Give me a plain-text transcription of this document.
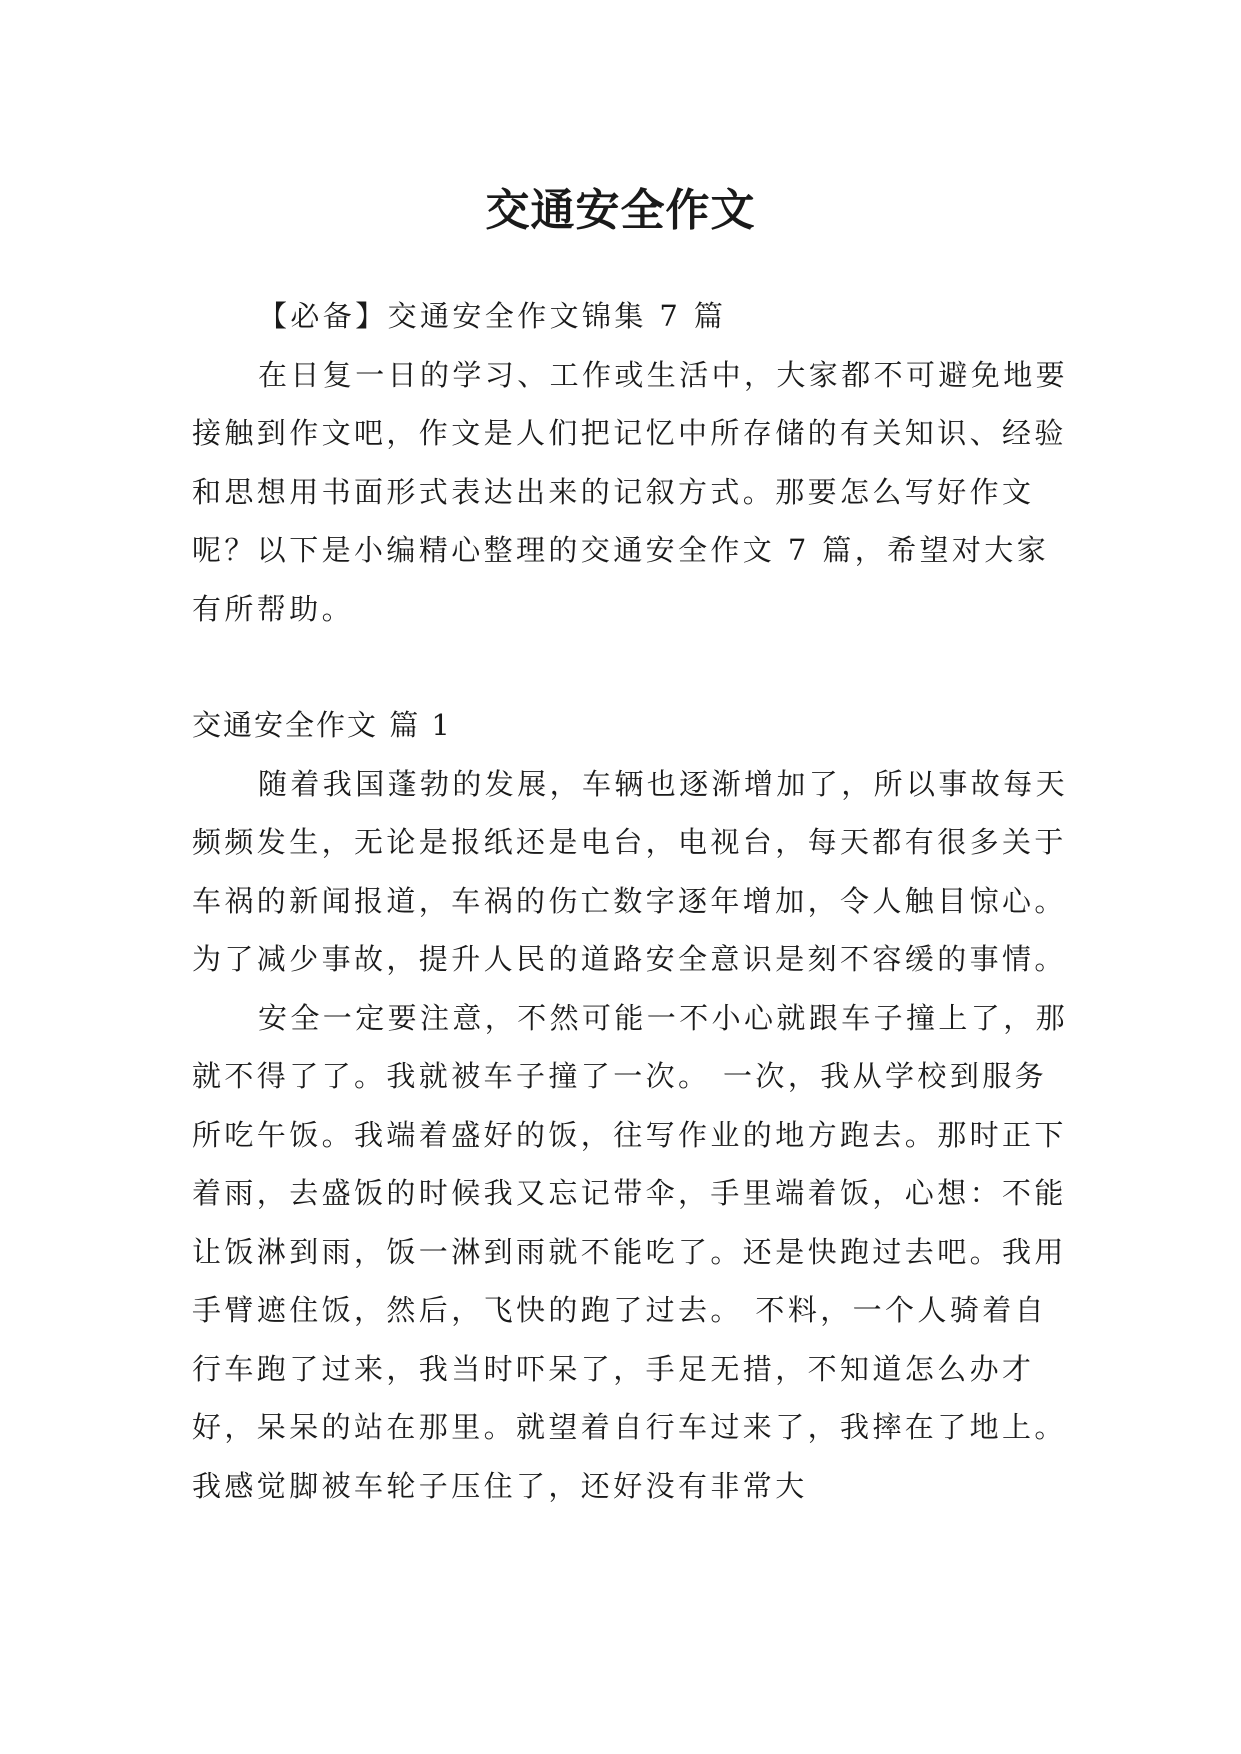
交通安全作文

【必备】交通安全作文锦集 7 篇

在日复一日的学习、工作或生活中，大家都不可避免地要接触到作文吧，作文是人们把记忆中所存储的有关知识、经验和思想用书面形式表达出来的记叙方式。那要怎么写好作文呢？以下是小编精心整理的交通安全作文 7 篇，希望对大家有所帮助。

交通安全作文 篇 1

随着我国蓬勃的发展，车辆也逐渐增加了，所以事故每天频频发生，无论是报纸还是电台，电视台，每天都有很多关于车祸的新闻报道，车祸的伤亡数字逐年增加，令人触目惊心。为了减少事故，提升人民的道路安全意识是刻不容缓的事情。

安全一定要注意，不然可能一不小心就跟车子撞上了，那就不得了了。我就被车子撞了一次。 一次，我从学校到服务所吃午饭。我端着盛好的饭，往写作业的地方跑去。那时正下着雨，去盛饭的时候我又忘记带伞，手里端着饭，心想：不能让饭淋到雨，饭一淋到雨就不能吃了。还是快跑过去吧。我用手臂遮住饭，然后，飞快的跑了过去。 不料，一个人骑着自行车跑了过来，我当时吓呆了，手足无措，不知道怎么办才好，呆呆的站在那里。就望着自行车过来了，我摔在了地上。我感觉脚被车轮子压住了，还好没有非常大
